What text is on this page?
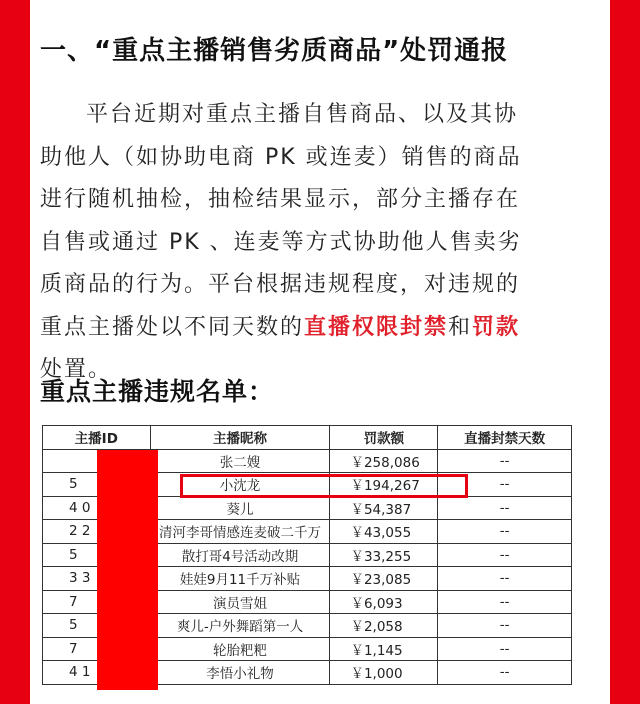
一、“重点主播销售劣质商品”处罚通报
平台近期对重点主播自售商品、以及其协助他人（如协助电商 PK 或连麦）销售的商品进行随机抽检，抽检结果显示，部分主播存在自售或通过 PK 、连麦等方式协助他人售卖劣质商品的行为。平台根据违规程度，对违规的重点主播处以不同天数的直播权限封禁和罚款处置。
重点主播违规名单：
主播ID	主播昵称	罚款额	直播封禁天数
	张二嫂	￥258,086	--
5	小沈龙	￥194,267	--
4 0	葵儿	￥54,387	--
2 2	清河李哥情感连麦破二千万	￥43,055	--
5	散打哥4号活动改期	￥33,255	--
3 3	娃娃9月11千万补贴	￥23,085	--
7	演员雪姐	￥6,093	--
5	爽儿-户外舞蹈第一人	￥2,058	--
7	轮胎粑粑	￥1,145	--
4 1	李悟小礼物	￥1,000	--
